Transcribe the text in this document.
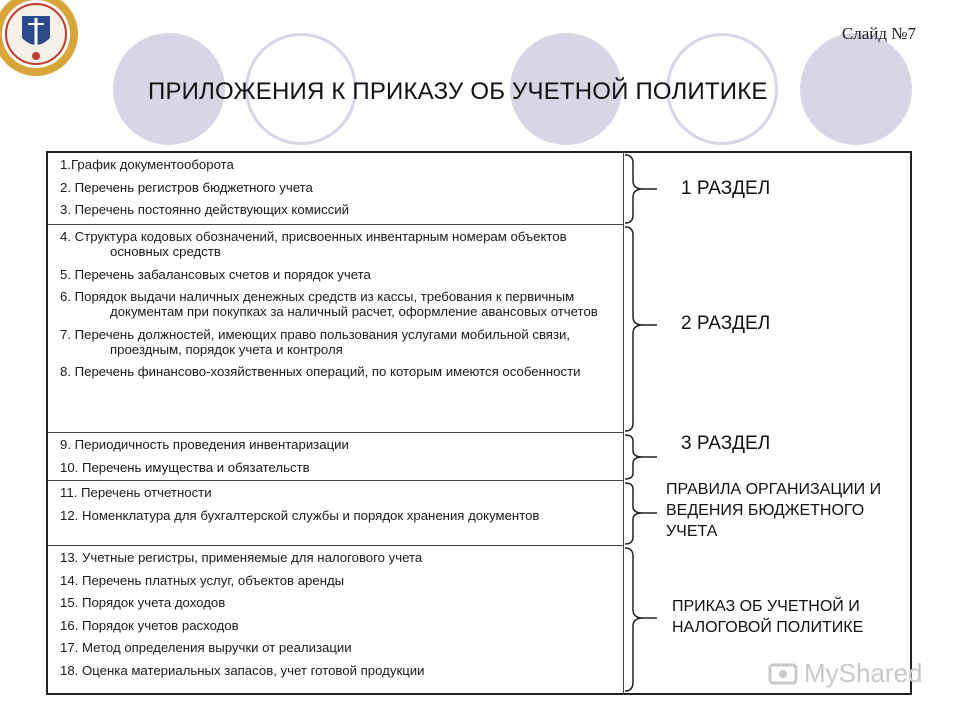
Слайд №7
ПРИЛОЖЕНИЯ К ПРИКАЗУ ОБ УЧЕТНОЙ ПОЛИТИКЕ
1.График документооборота
2. Перечень регистров бюджетного учета
3. Перечень постоянно действующих комиссий
4. Структура кодовых обозначений, присвоенных инвентарным номерам объектов основных средств
5. Перечень забалансовых счетов и порядок учета
6. Порядок выдачи наличных денежных средств из кассы, требования к первичным документам при покупках за наличный расчет, оформление авансовых отчетов
7. Перечень должностей, имеющих право пользования услугами мобильной связи, проездным, порядок учета и контроля
8. Перечень финансово-хозяйственных операций, по которым имеются особенности
9. Периодичность проведения инвентаризации
10. Перечень имущества и обязательств
11. Перечень отчетности
12. Номенклатура для бухгалтерской службы и порядок хранения документов
13. Учетные регистры, применяемые для налогового учета
14. Перечень платных услуг, объектов аренды
15. Порядок учета доходов
16. Порядок учетов расходов
17. Метод определения выручки от реализации
18. Оценка материальных запасов, учет готовой продукции
1 РАЗДЕЛ
2 РАЗДЕЛ
3 РАЗДЕЛ
ПРАВИЛА ОРГАНИЗАЦИИ И ВЕДЕНИЯ БЮДЖЕТНОГО УЧЕТА
ПРИКАЗ ОБ УЧЕТНОЙ И НАЛОГОВОЙ ПОЛИТИКЕ
MyShared
